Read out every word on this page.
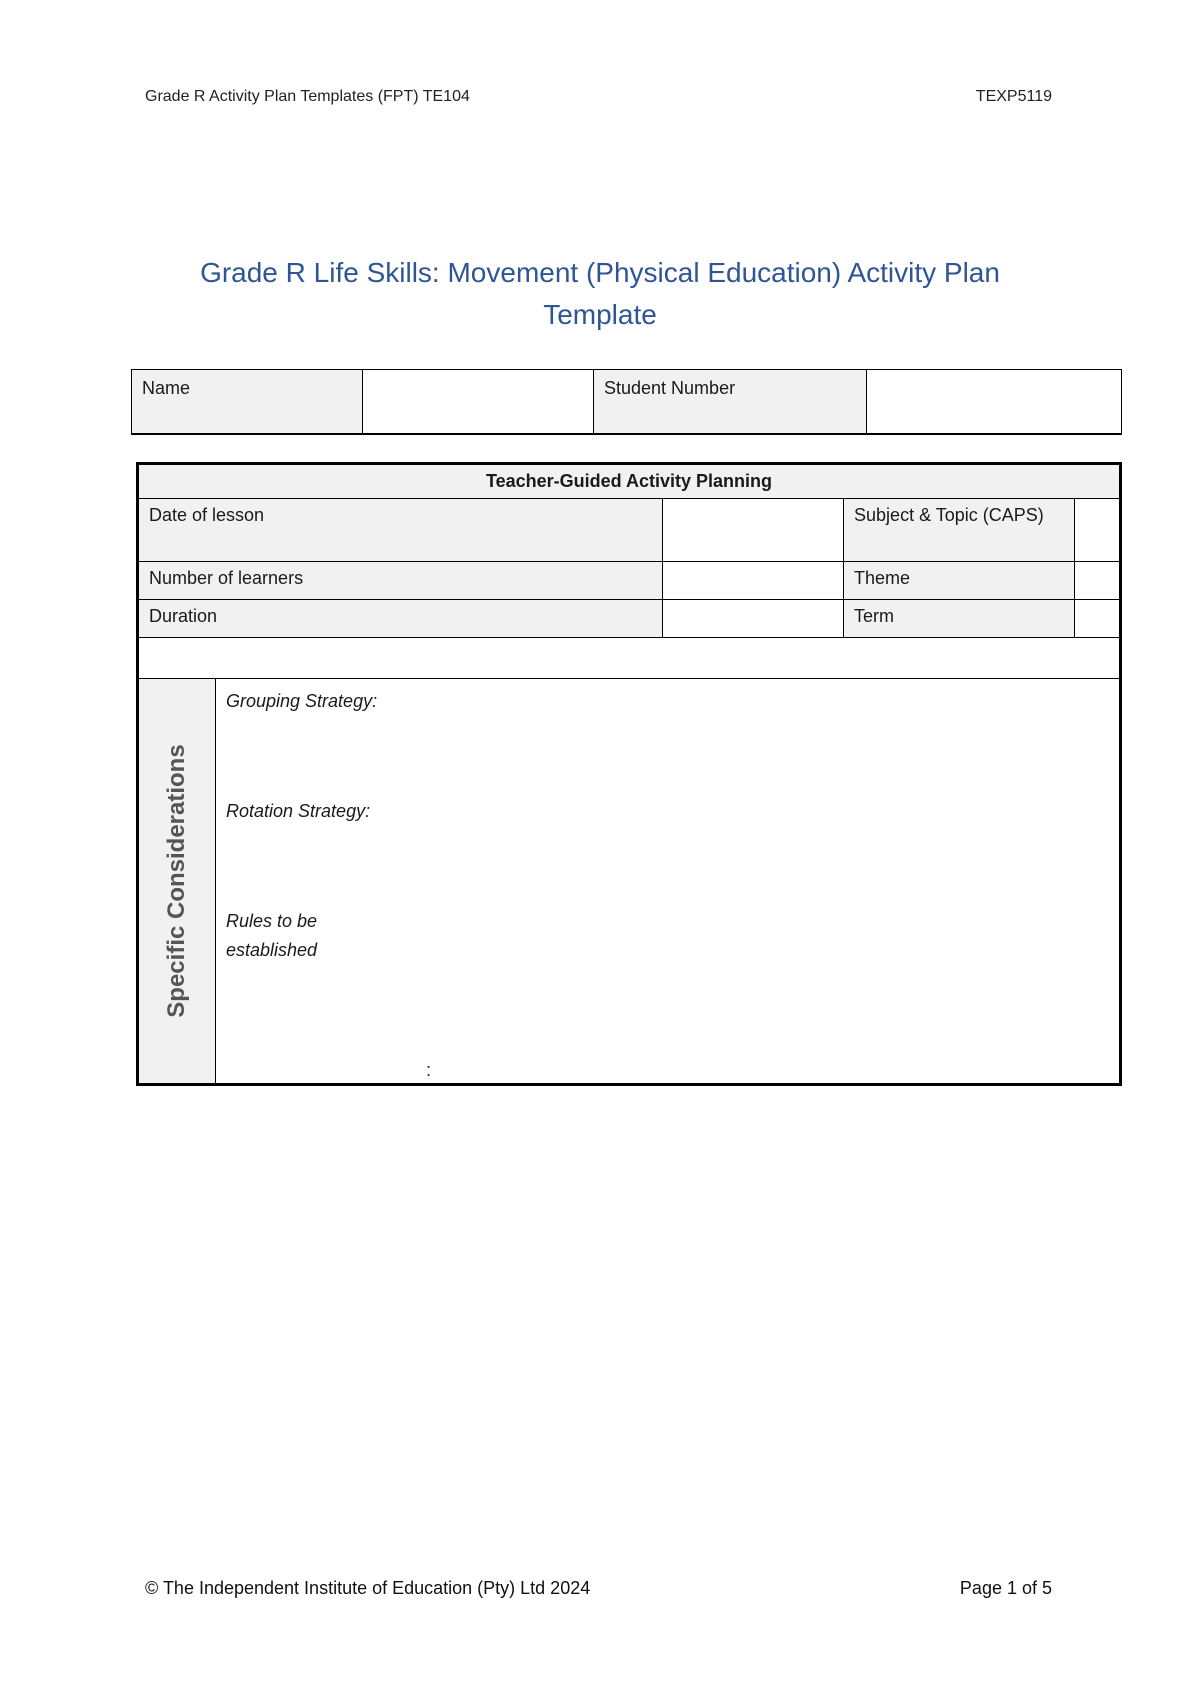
Grade R Activity Plan Templates (FPT) TE104	TEXP5119
Grade R Life Skills: Movement (Physical Education) Activity Plan Template
Name		Student Number	
Teacher-Guided Activity Planning				
Date of lesson			Subject & Topic (CAPS)	
Number of learners			Theme	
Duration			Term	

Specific Considerations	Grouping Strategy:
Rotation Strategy:
Rules to be established
:			
© The Independent Institute of Education (Pty) Ltd 2024	Page 1 of 5
